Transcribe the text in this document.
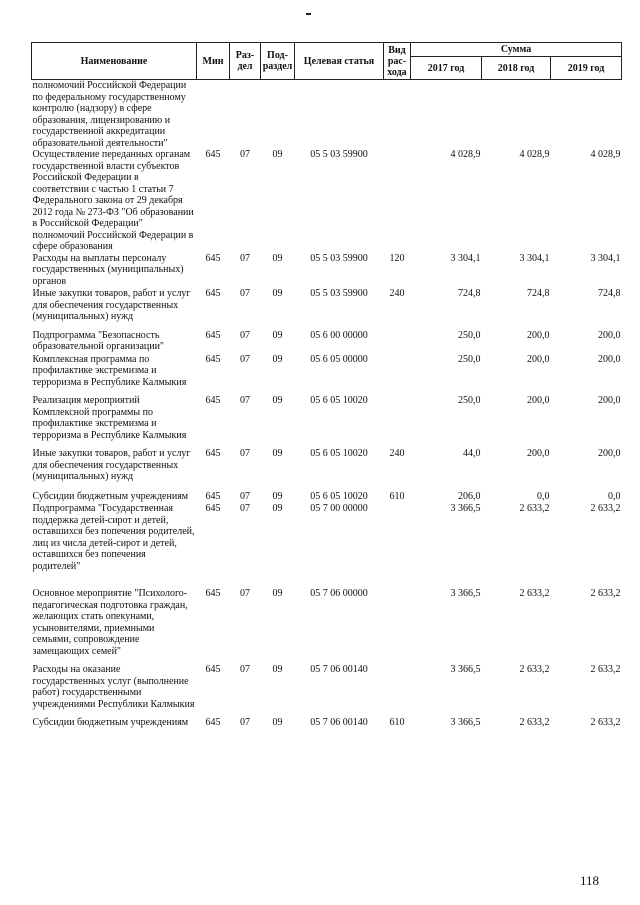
Наименование	Мин	Раз-дел	Под-раздел	Целевая статья	Вид рас-хода	Сумма		
						2017 год	2018 год	2019 год
полномочий Российской Федерации по федеральному государственному контролю (надзору) в сфере образования, лицензированию и государственной аккредитации образовательной деятельности"								
Осуществление переданных органам государственной власти субъектов Российской Федерации в соответствии с частью 1 статьи 7 Федерального закона от 29 декабря 2012 года № 273-ФЗ "Об образовании в Российской Федерации" полномочий Российской Федерации в сфере образования	645	07	09	05 5 03 59900		4 028,9	4 028,9	4 028,9
Расходы на выплаты персоналу государственных (муниципальных) органов	645	07	09	05 5 03 59900	120	3 304,1	3 304,1	3 304,1
Иные закупки товаров, работ и услуг для обеспечения государственных (муниципальных) нужд	645	07	09	05 5 03 59900	240	724,8	724,8	724,8
Подпрограмма "Безопасность образовательной организации"	645	07	09	05 6 00 00000		250,0	200,0	200,0
Комплексная программа по профилактике экстремизма и терроризма в Республике Калмыкия	645	07	09	05 6 05 00000		250,0	200,0	200,0
Реализация мероприятий Комплексной программы по профилактике экстремизма и терроризма в Республике Калмыкия	645	07	09	05 6 05 10020		250,0	200,0	200,0
Иные закупки товаров, работ и услуг для обеспечения государственных (муниципальных) нужд	645	07	09	05 6 05 10020	240	44,0	200,0	200,0
Субсидии бюджетным учреждениям	645	07	09	05 6 05 10020	610	206,0	0,0	0,0
Подпрограмма "Государственная поддержка детей-сирот и детей, оставшихся без попечения родителей, лиц из числа детей-сирот и детей, оставшихся без попечения родителей"	645	07	09	05 7 00 00000		3 366,5	2 633,2	2 633,2
Основное мероприятие "Психолого-педагогическая подготовка граждан, желающих стать опекунами, усыновителями, приемными семьями, сопровождение замещающих семей"	645	07	09	05 7 06 00000		3 366,5	2 633,2	2 633,2
Расходы на оказание государственных услуг (выполнение работ) государственными учреждениями Республики Калмыкия	645	07	09	05 7 06 00140		3 366,5	2 633,2	2 633,2
Субсидии бюджетным учреждениям	645	07	09	05 7 06 00140	610	3 366,5	2 633,2	2 633,2
118
